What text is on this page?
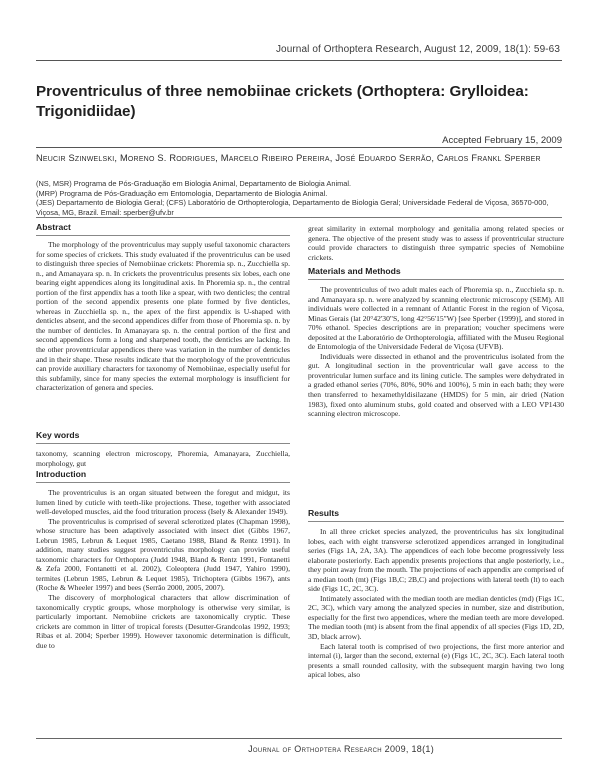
Journal of Orthoptera Research, August 12, 2009, 18(1): 59-63
Proventriculus of three nemobiinae crickets (Orthoptera: Grylloidea: Trigonidiidae)
Accepted February 15, 2009
Neucir Szinwelski, Moreno S. Rodrigues, Marcelo Ribeiro Pereira, José Eduardo Serrão, Carlos Frankl Sperber
(NS, MSR) Programa de Pós-Graduação em Biologia Animal, Departamento de Biologia Animal.
(MRP) Programa de Pós-Graduação em Entomologia, Departamento de Biologia Animal.
(JES) Departamento de Biologia Geral; (CFS) Laboratório de Orthopterologia, Departamento de Biologia Geral; Universidade Federal de Viçosa, 36570-000, Viçosa, MG, Brazil. Email: sperber@ufv.br
Abstract

The morphology of the proventriculus may supply useful taxonomic characters for some species of crickets. This study evaluated if the proventriculus can be used to distinguish three species of Nemobiinae crickets: Phoremia sp. n., Zucchiella sp. n., and Amanayara sp. n. In crickets the proventriculus presents six lobes, each one bearing eight appendices along its longitudinal axis. In Phoremia sp. n., the central portion of the first appendix has a tooth like a spear, with two denticles; the central portion of the second appendix presents one plate formed by five denticles, whereas in Zucchiella sp. n., the apex of the first appendix is U-shaped with denticles absent, and the second appendices differ from those of Phoremia sp. n. by the number of denticles. In Amanayara sp. n. the central portion of the first and second appendices form a long and sharpened tooth, the denticles are lacking. In the other proventricular appendices there was variation in the number of denticles and in their shape. These results indicate that the morphology of the proventriculus can provide auxiliary characters for taxonomy of Nemobiinae, especially useful for this subfamily, since for many species the external morphology is insufficient for characterization of genera and species.

Key words

taxonomy, scanning electron microscopy, Phoremia, Amanayara, Zucchiella, morphology, gut

Introduction

The proventriculus is an organ situated between the foregut and midgut, its lumen lined by cuticle with teeth-like projections. These, together with associated well-developed muscles, aid the food trituration process (Isely & Alexander 1949).

The proventriculus is comprised of several sclerotized plates (Chapman 1998), whose structure has been adaptively associated with insect diet (Gibbs 1967, Lebrun 1985, Lebrun & Lequet 1985, Caetano 1988, Bland & Rentz 1991). In addition, many studies suggest proventriculus morphology can provide useful taxonomic characters for Orthoptera (Judd 1948, Bland & Rentz 1991, Fontanetti & Zefa 2000, Fontanetti et al. 2002), Coleoptera (Judd 1947, Yahiro 1990), termites (Lebrun 1985, Lebrun & Lequet 1985), Trichoptera (Gibbs 1967), ants (Roche & Wheeler 1997) and bees (Serrão 2000, 2005, 2007).

The discovery of morphological characters that allow discrimination of taxonomically cryptic groups, whose morphology is otherwise very similar, is particularly important. Nemobiine crickets are taxonomically cryptic. These crickets are common in litter of tropical forests (Desutter-Grandcolas 1992, 1993; Ribas et al. 2004; Sperber 1999). However taxonomic determination is difficult, due to

great similarity in external morphology and genitalia among related species or genera. The objective of the present study was to assess if proventricular structure could provide characters to distinguish three sympatric species of Nemobiine crickets.

Materials and Methods

The proventriculus of two adult males each of Phoremia sp. n., Zucchiela sp. n. and Amanayara sp. n. were analyzed by scanning electronic microscopy (SEM). All individuals were collected in a remnant of Atlantic Forest in the region of Viçosa, Minas Gerais (lat 20°42'30"S, long 42°56'15"W) [see Sperber (1999)], and stored in 70% ethanol. Species descriptions are in preparation; voucher specimens were deposited at the Laboratório de Orthopterologia, affiliated with the Museu Regional de Entomologia of the Universidade Federal de Viçosa (UFVB).

Individuals were dissected in ethanol and the proventriculus isolated from the gut. A longitudinal section in the proventricular wall gave access to the proventricular lumen surface and its lining cuticle. The samples were dehydrated in a graded ethanol series (70%, 80%, 90% and 100%), 5 min in each bath; they were then transferred to hexamethyldisilazane (HMDS) for 5 min, air dried (Nation 1983), fixed onto aluminum stubs, gold coated and observed with a LEO VP1430 scanning electron microscope.

Results

In all three cricket species analyzed, the proventriculus has six longitudinal lobes, each with eight transverse sclerotized appendices arranged in longitudinal series (Figs 1A, 2A, 3A). The appendices of each lobe become progressively less elaborate posteriorly. Each appendix presents projections that angle posteriorly, i.e., they point away from the mouth. The projections of each appendix are comprised of a median tooth (mt) (Figs 1B,C; 2B,C) and projections with lateral teeth (lt) to each side (Figs 1C, 2C, 3C).

Intimately associated with the median tooth are median denticles (md) (Figs 1C, 2C, 3C), which vary among the analyzed species in number, size and distribution, especially for the first two appendices, where the median teeth are more developed. The median tooth (mt) is absent from the final appendix of all species (Figs 1D, 2D, 3D, black arrow).

Each lateral tooth is comprised of two projections, the first more anterior and internal (i), larger than the second, external (e) (Figs 1C, 2C, 3C). Each lateral tooth presents a small rounded callosity, with the subsequent margin having two long apical lobes, also

Journal of Orthoptera Research 2009, 18(1)
